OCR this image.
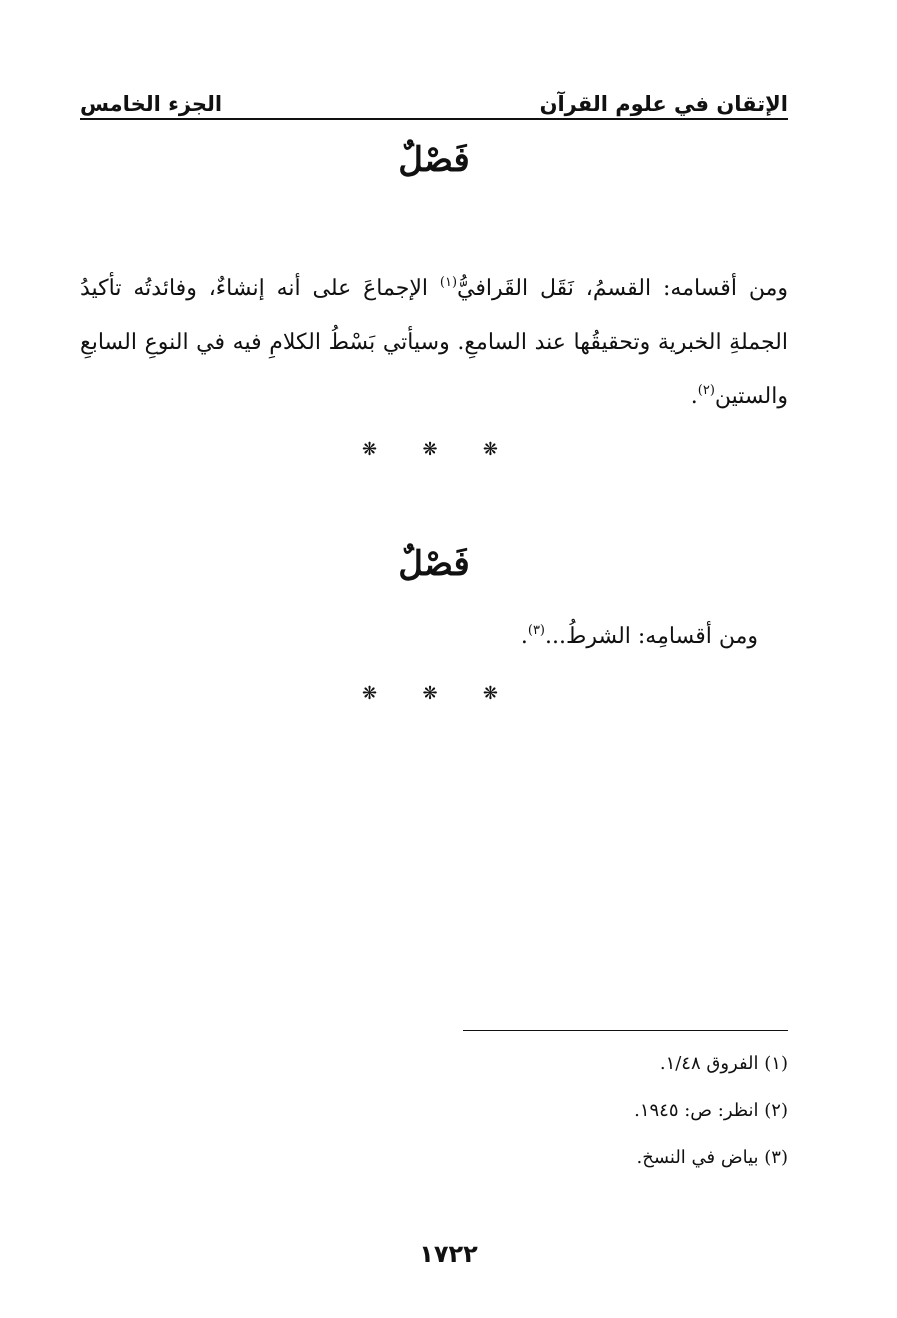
الإتقان في علوم القرآن
الجزء الخامس
فَصْلٌ

ومن أقسامه: القسمُ، نَقَل القَرافيُّ$^{(١)}$ الإجماعَ على أنه إنشاءٌ، وفائدتُه تأكيدُ الجملةِ الخبرية وتحقيقُها عند السامعِ. وسيأتي بَسْطُ الكلامِ فيه في النوعِ السابعِ والستين$^{(٢)}$.

❋	❋	❋
فَصْلٌ

ومن أقسامِه: الشرطُ...$^{(٣)}$.

❋	❋	❋
(١) الفروق ١/٤٨.
(٢) انظر: ص: ١٩٤٥.
(٣) بياض في النسخ.
١٧٢٢
